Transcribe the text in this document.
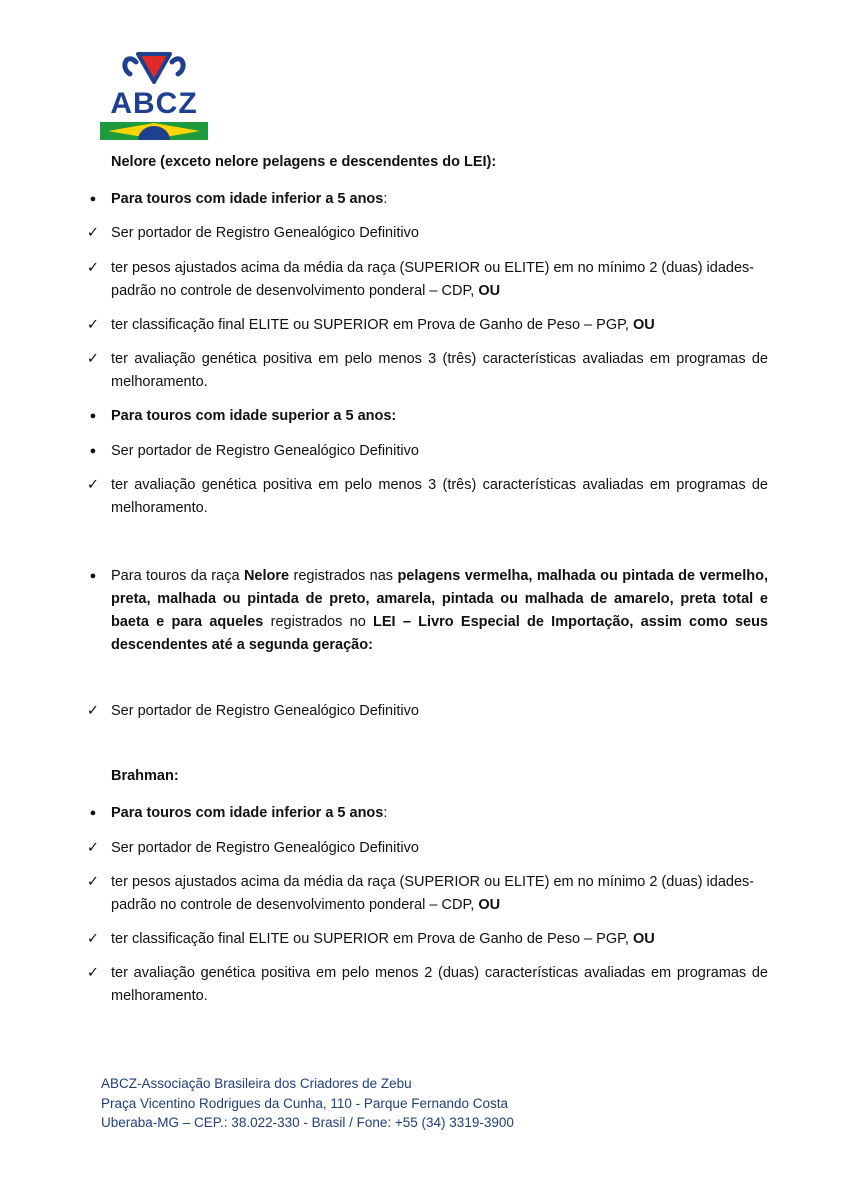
ABCZ
Nelore (exceto nelore pelagens e descendentes do LEI):
●	Para touros com idade inferior a 5 anos:
✓ Ser portador de Registro Genealógico Definitivo
✓ ter pesos ajustados acima da média da raça (SUPERIOR ou ELITE) em no mínimo 2 (duas) idades-padrão no controle de desenvolvimento ponderal – CDP, OU
✓ ter classificação final ELITE ou SUPERIOR em Prova de Ganho de Peso – PGP, OU
✓ ter avaliação genética positiva em pelo menos 3 (três) características avaliadas em programas de melhoramento.
●	Para touros com idade superior a 5 anos:
●	Ser portador de Registro Genealógico Definitivo
✓ ter avaliação genética positiva em pelo menos 3 (três) características avaliadas em programas de melhoramento.
●	Para touros da raça Nelore registrados nas pelagens vermelha, malhada ou pintada de vermelho, preta, malhada ou pintada de preto, amarela, pintada ou malhada de amarelo, preta total e baeta e para aqueles registrados no LEI – Livro Especial de Importação, assim como seus descendentes até a segunda geração:
✓ Ser portador de Registro Genealógico Definitivo
Brahman:
●	Para touros com idade inferior a 5 anos:
✓ Ser portador de Registro Genealógico Definitivo
✓ ter pesos ajustados acima da média da raça (SUPERIOR ou ELITE) em no mínimo 2 (duas) idades-padrão no controle de desenvolvimento ponderal – CDP, OU
✓ ter classificação final ELITE ou SUPERIOR em Prova de Ganho de Peso – PGP, OU
✓ ter avaliação genética positiva em pelo menos 2 (duas) características avaliadas em programas de melhoramento.
ABCZ-Associação Brasileira dos Criadores de Zebu
Praça Vicentino Rodrigues da Cunha, 110 - Parque Fernando Costa
Uberaba-MG – CEP.: 38.022-330 - Brasil / Fone: +55 (34) 3319-3900
